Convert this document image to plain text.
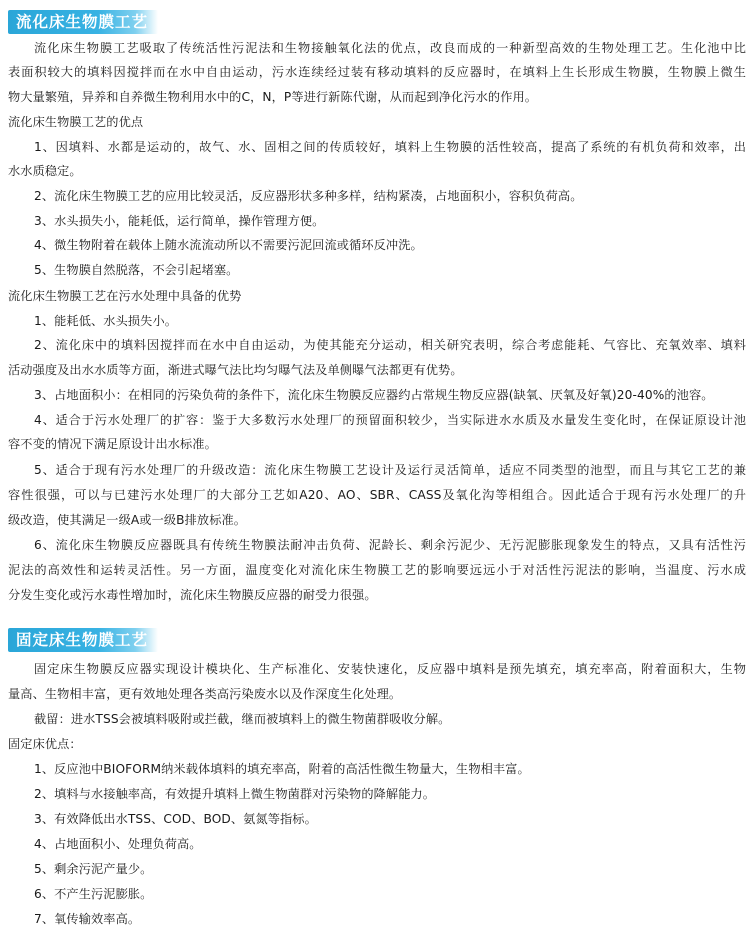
流化床生物膜工艺
流化床生物膜工艺吸取了传统活性污泥法和生物接触氧化法的优点，改良而成的一种新型高效的生物处理工艺。生化池中比
表面积较大的填料因搅拌而在水中自由运动，污水连续经过装有移动填料的反应器时，在填料上生长形成生物膜，生物膜上微生
物大量繁殖，异养和自养微生物利用水中的C，N，P等进行新陈代谢，从而起到净化污水的作用。
流化床生物膜工艺的优点
1、因填料、水都是运动的，故气、水、固相之间的传质较好，填料上生物膜的活性较高，提高了系统的有机负荷和效率，出
水水质稳定。
2、流化床生物膜工艺的应用比较灵活，反应器形状多种多样，结构紧凑，占地面积小，容积负荷高。
3、水头损失小，能耗低，运行简单，操作管理方便。
4、微生物附着在载体上随水流流动所以不需要污泥回流或循环反冲洗。
5、生物膜自然脱落，不会引起堵塞。
流化床生物膜工艺在污水处理中具备的优势
1、能耗低、水头损失小。
2、流化床中的填料因搅拌而在水中自由运动，为使其能充分运动，相关研究表明，综合考虑能耗、气容比、充氧效率、填料
活动强度及出水水质等方面，渐进式曝气法比均匀曝气法及单侧曝气法都更有优势。
3、占地面积小：在相同的污染负荷的条件下，流化床生物膜反应器约占常规生物反应器(缺氧、厌氧及好氧)20-40%的池容。
4、适合于污水处理厂的扩容：鉴于大多数污水处理厂的预留面积较少，当实际进水水质及水量发生变化时，在保证原设计池
容不变的情况下满足原设计出水标准。
5、适合于现有污水处理厂的升级改造：流化床生物膜工艺设计及运行灵活简单，适应不同类型的池型，而且与其它工艺的兼
容性很强，可以与已建污水处理厂的大部分工艺如A20、AO、SBR、CASS及氧化沟等相组合。因此适合于现有污水处理厂的升
级改造，使其满足一级A或一级B排放标准。
6、流化床生物膜反应器既具有传统生物膜法耐冲击负荷、泥龄长、剩余污泥少、无污泥膨胀现象发生的特点，又具有活性污
泥法的高效性和运转灵活性。另一方面，温度变化对流化床生物膜工艺的影响要远远小于对活性污泥法的影响，当温度、污水成
分发生变化或污水毒性增加时，流化床生物膜反应器的耐受力很强。
固定床生物膜工艺
固定床生物膜反应器实现设计模块化、生产标准化、安装快速化，反应器中填料是预先填充，填充率高，附着面积大，生物
量高、生物相丰富，更有效地处理各类高污染废水以及作深度生化处理。
截留：进水TSS会被填料吸附或拦截，继而被填料上的微生物菌群吸收分解。
固定床优点：
1、反应池中BIOFORM纳米载体填料的填充率高，附着的高活性微生物量大，生物相丰富。
2、填料与水接触率高，有效提升填料上微生物菌群对污染物的降解能力。
3、有效降低出水TSS、COD、BOD、氨氮等指标。
4、占地面积小、处理负荷高。
5、剩余污泥产量少。
6、不产生污泥膨胀。
7、氧传输效率高。
